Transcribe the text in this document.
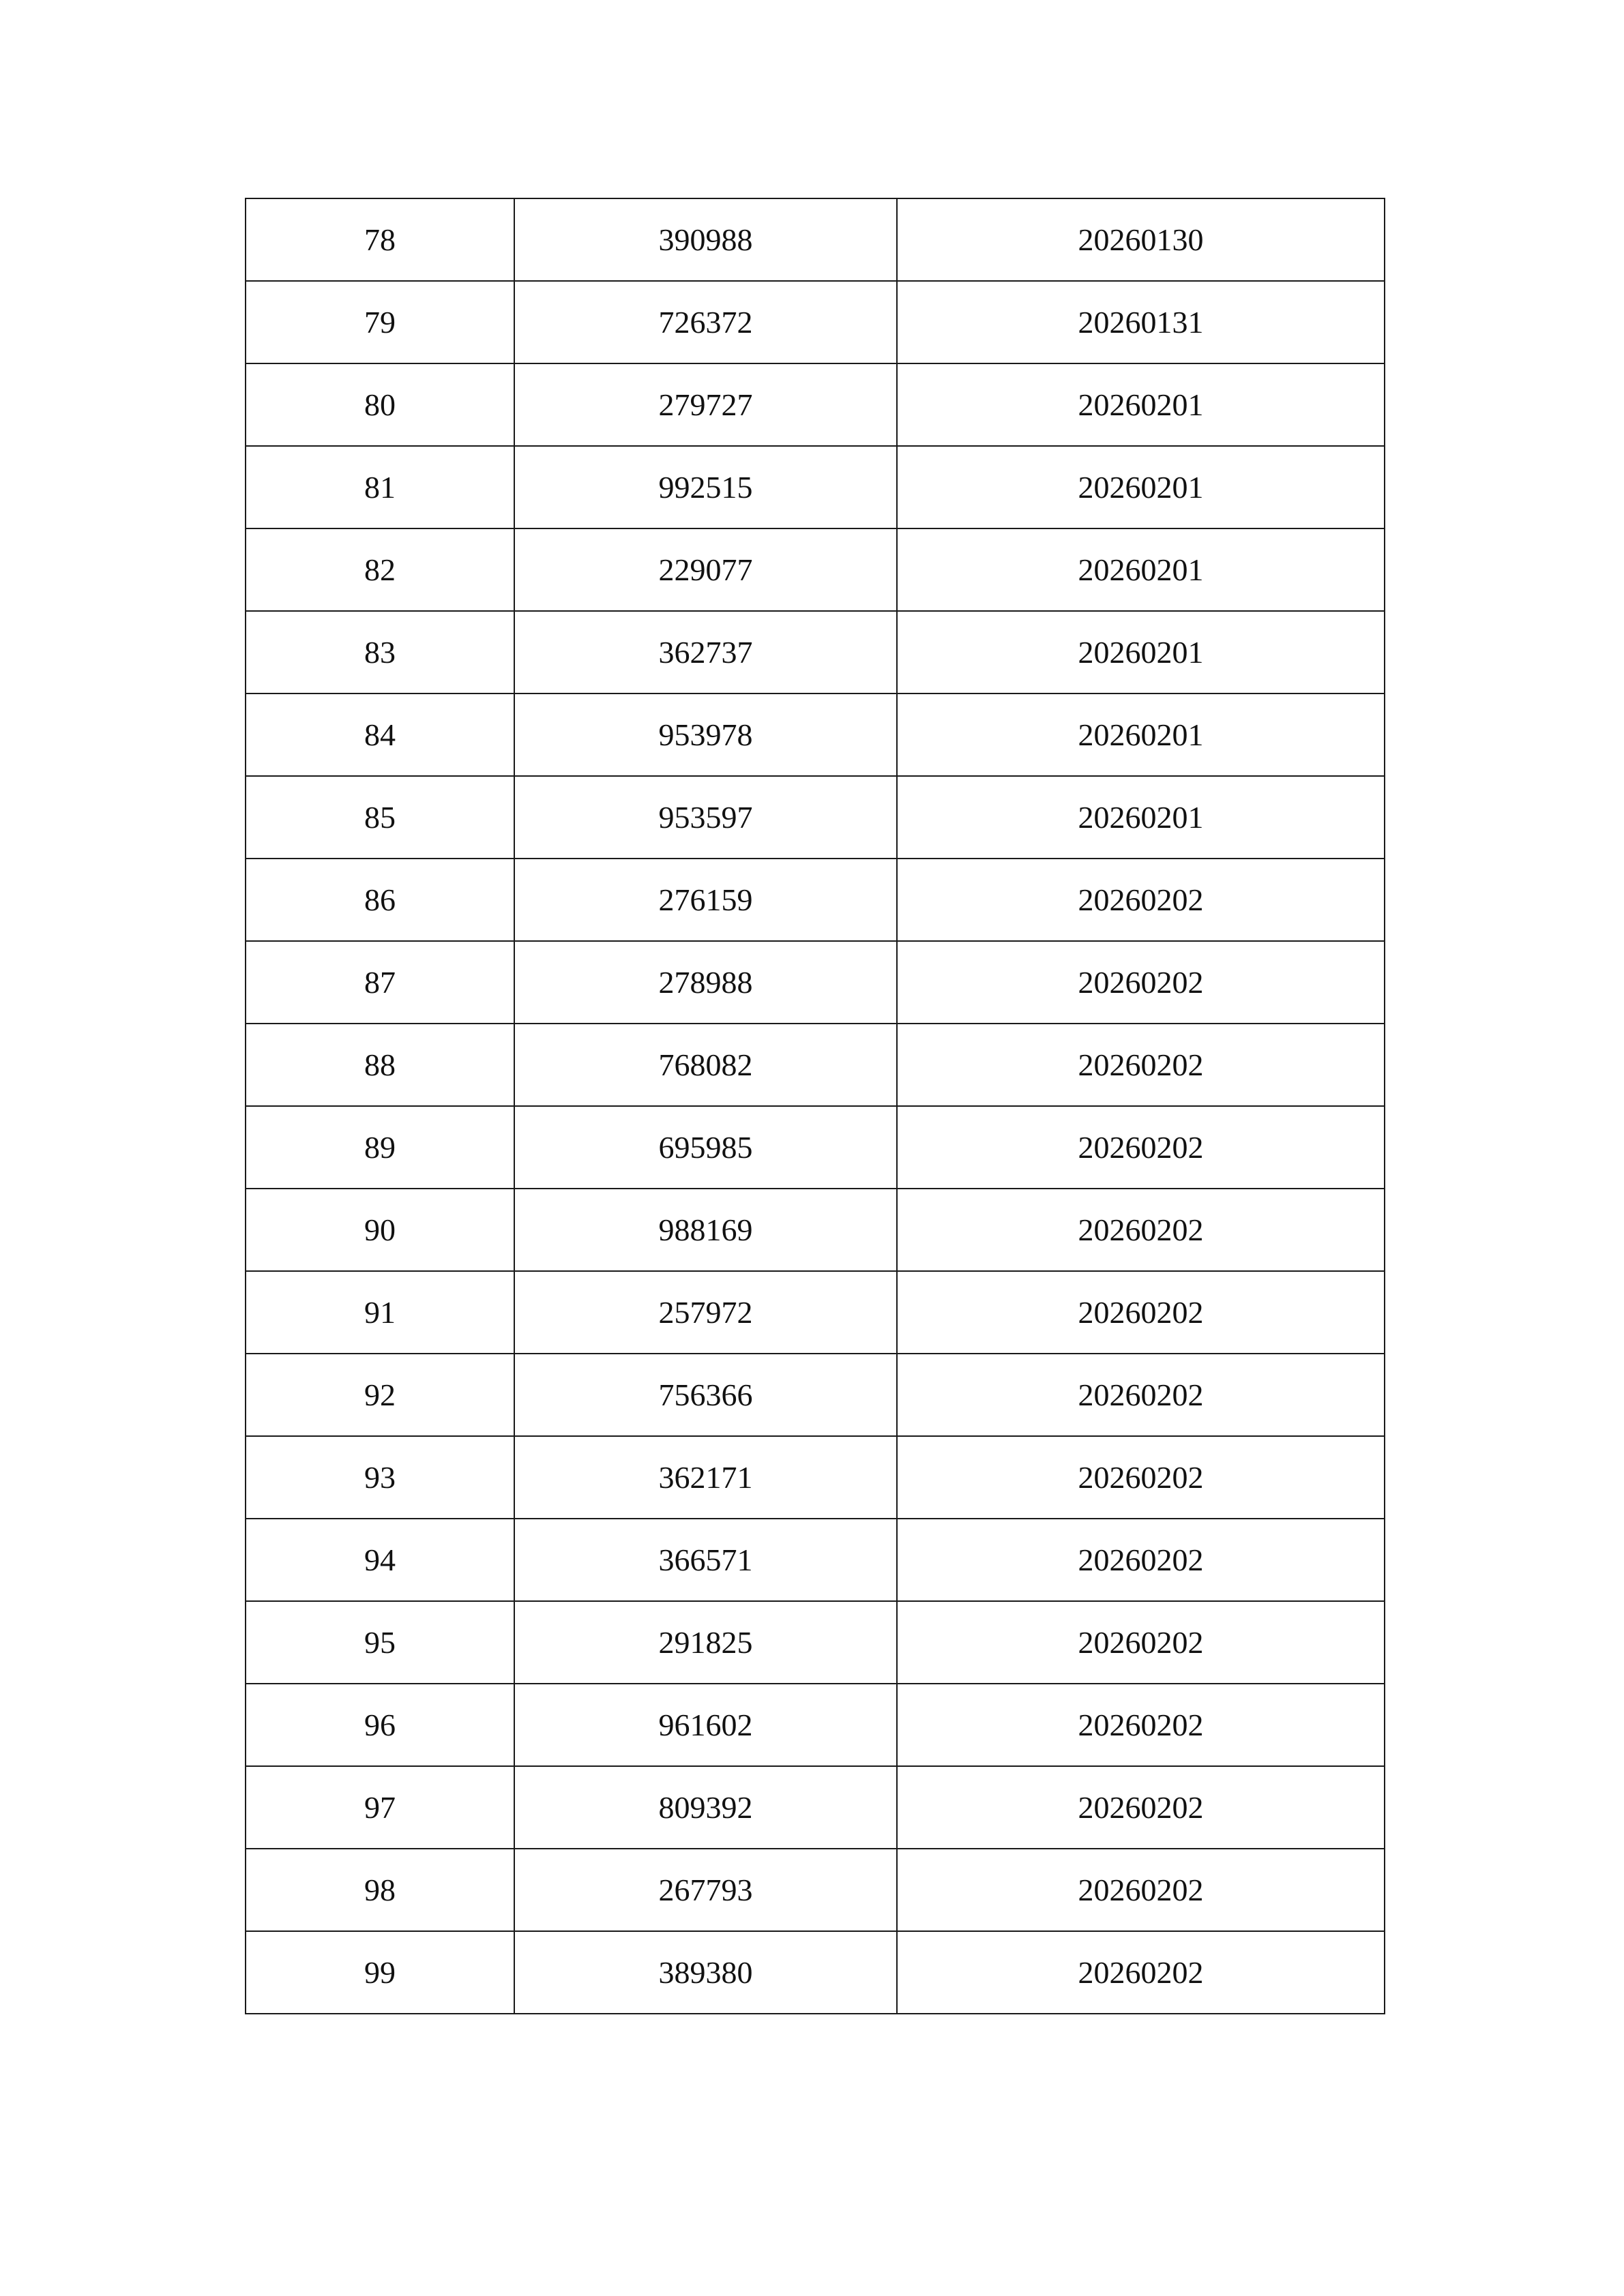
78	390988	20260130
79	726372	20260131
80	279727	20260201
81	992515	20260201
82	229077	20260201
83	362737	20260201
84	953978	20260201
85	953597	20260201
86	276159	20260202
87	278988	20260202
88	768082	20260202
89	695985	20260202
90	988169	20260202
91	257972	20260202
92	756366	20260202
93	362171	20260202
94	366571	20260202
95	291825	20260202
96	961602	20260202
97	809392	20260202
98	267793	20260202
99	389380	20260202
